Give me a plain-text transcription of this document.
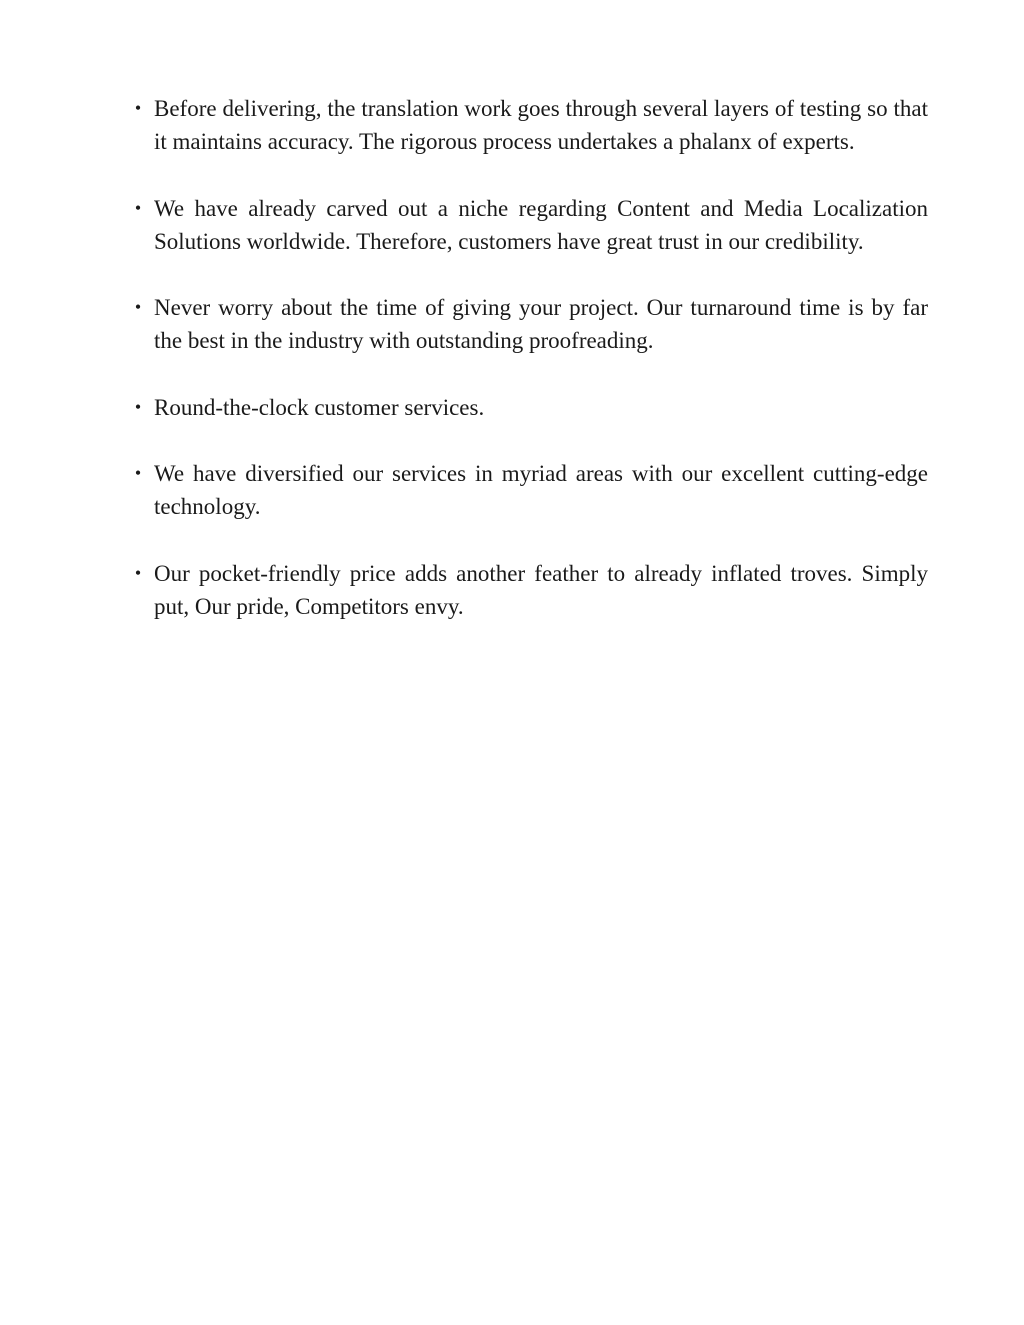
• Before delivering, the translation work goes through several layers of testing so that it maintains accuracy. The rigorous process undertakes a phalanx of experts.
• We have already carved out a niche regarding Content and Media Localization Solutions worldwide. Therefore, customers have great trust in our credibility.
• Never worry about the time of giving your project. Our turnaround time is by far the best in the industry with outstanding proofreading.
• Round-the-clock customer services.
• We have diversified our services in myriad areas with our excellent cutting-edge technology.
• Our pocket-friendly price adds another feather to already inflated troves. Simply put, Our pride, Competitors envy.
